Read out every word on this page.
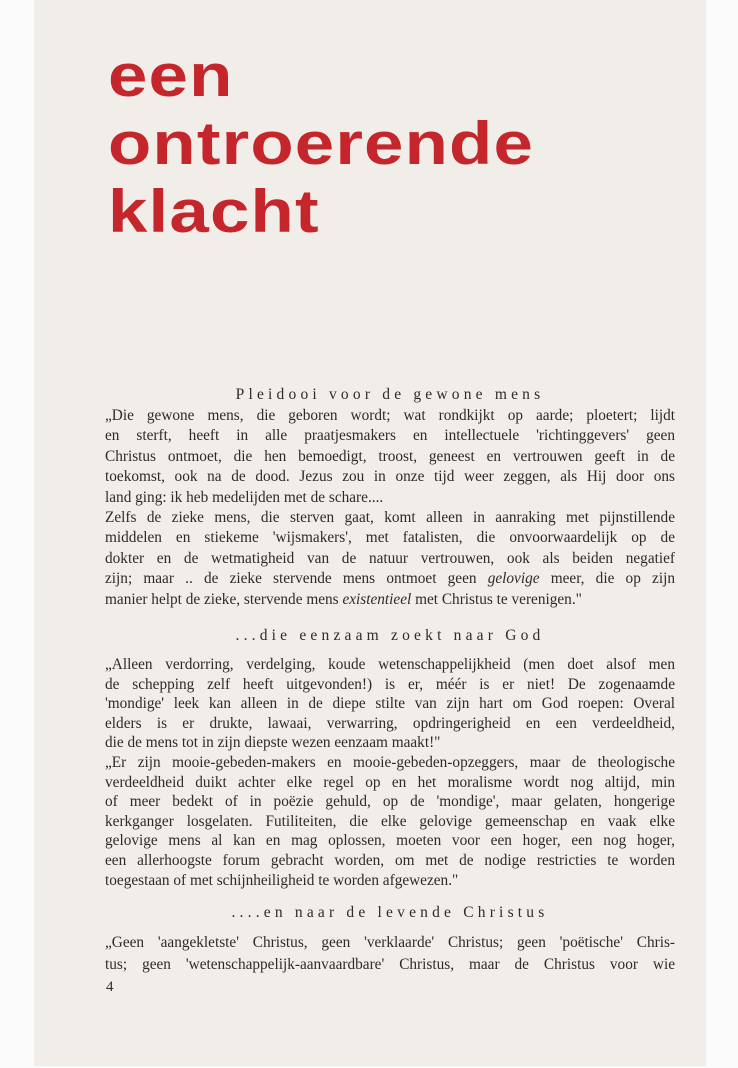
een
ontroerende
klacht
Pleidooi voor de gewone mens
„Die gewone mens, die geboren wordt; wat rondkijkt op aarde; ploetert; lijdt
en sterft, heeft in alle praatjesmakers en intellectuele 'richtinggevers' geen
Christus ontmoet, die hen bemoedigt, troost, geneest en vertrouwen geeft in de
toekomst, ook na de dood. Jezus zou in onze tijd weer zeggen, als Hij door ons
land ging: ik heb medelijden met de schare....
Zelfs de zieke mens, die sterven gaat, komt alleen in aanraking met pijnstillende
middelen en stiekeme 'wijsmakers', met fatalisten, die onvoorwaardelijk op de
dokter en de wetmatigheid van de natuur vertrouwen, ook als beiden negatief
zijn; maar .. de zieke stervende mens ontmoet geen gelovige meer, die op zijn
manier helpt de zieke, stervende mens existentieel met Christus te verenigen."
...die eenzaam zoekt naar God
„Alleen verdorring, verdelging, koude wetenschappelijkheid (men doet alsof men
de schepping zelf heeft uitgevonden!) is er, méér is er niet! De zogenaamde
'mondige' leek kan alleen in de diepe stilte van zijn hart om God roepen: Overal
elders is er drukte, lawaai, verwarring, opdringerigheid en een verdeeldheid,
die de mens tot in zijn diepste wezen eenzaam maakt!"
„Er zijn mooie-gebeden-makers en mooie-gebeden-opzeggers, maar de theologische
verdeeldheid duikt achter elke regel op en het moralisme wordt nog altijd, min
of meer bedekt of in poëzie gehuld, op de 'mondige', maar gelaten, hongerige
kerkganger losgelaten. Futiliteiten, die elke gelovige gemeenschap en vaak elke
gelovige mens al kan en mag oplossen, moeten voor een hoger, een nog hoger,
een allerhoogste forum gebracht worden, om met de nodige restricties te worden
toegestaan of met schijnheiligheid te worden afgewezen."
....en naar de levende Christus
„Geen 'aangekletste' Christus, geen 'verklaarde' Christus; geen 'poëtische' Chris-
tus; geen 'wetenschappelijk-aanvaardbare' Christus, maar de Christus voor wie
4
